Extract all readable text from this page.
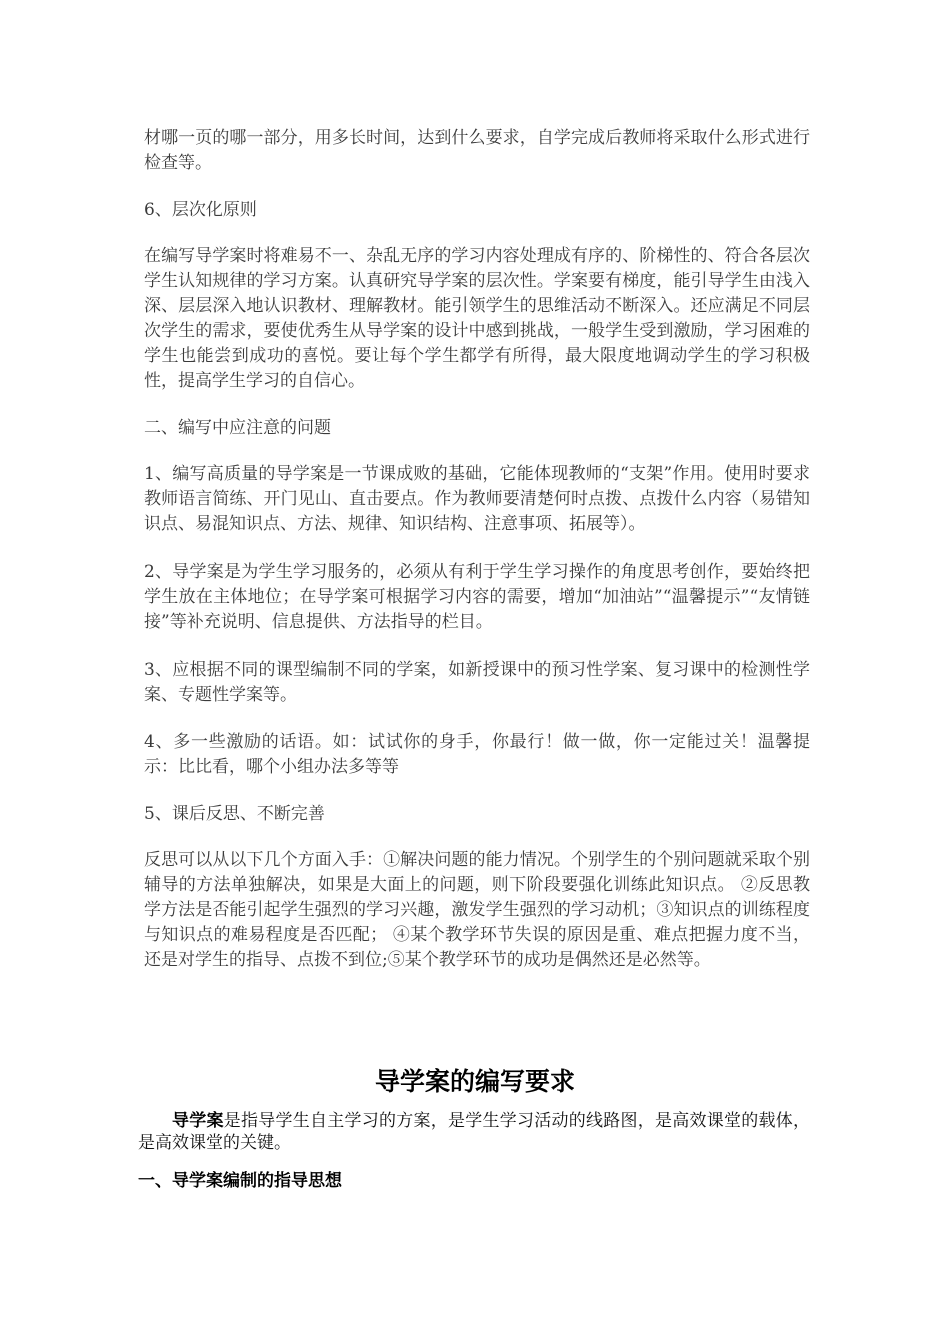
材哪一页的哪一部分，用多长时间，达到什么要求，自学完成后教师将采取什么形式进行检查等。

6、层次化原则

在编写导学案时将难易不一、杂乱无序的学习内容处理成有序的、阶梯性的、符合各层次学生认知规律的学习方案。认真研究导学案的层次性。学案要有梯度，能引导学生由浅入深、层层深入地认识教材、理解教材。能引领学生的思维活动不断深入。还应满足不同层次学生的需求，要使优秀生从导学案的设计中感到挑战，一般学生受到激励，学习困难的学生也能尝到成功的喜悦。要让每个学生都学有所得，最大限度地调动学生的学习积极性，提高学生学习的自信心。

二、编写中应注意的问题

1、编写高质量的导学案是一节课成败的基础，它能体现教师的“支架”作用。使用时要求教师语言简练、开门见山、直击要点。作为教师要清楚何时点拨、点拨什么内容（易错知识点、易混知识点、方法、规律、知识结构、注意事项、拓展等）。

2、导学案是为学生学习服务的，必须从有利于学生学习操作的角度思考创作，要始终把学生放在主体地位；在导学案可根据学习内容的需要，增加“加油站”“温馨提示”“友情链接”等补充说明、信息提供、方法指导的栏目。

3、应根据不同的课型编制不同的学案，如新授课中的预习性学案、复习课中的检测性学案、专题性学案等。

4、多一些激励的话语。如：试试你的身手，你最行！做一做，你一定能过关！温馨提示：比比看，哪个小组办法多等等

5、课后反思、不断完善

反思可以从以下几个方面入手：①解决问题的能力情况。个别学生的个别问题就采取个别辅导的方法单独解决，如果是大面上的问题，则下阶段要强化训练此知识点。 ②反思教学方法是否能引起学生强烈的学习兴趣，激发学生强烈的学习动机；③知识点的训练程度与知识点的难易程度是否匹配； ④某个教学环节失误的原因是重、难点把握力度不当，还是对学生的指导、点拨不到位;⑤某个教学环节的成功是偶然还是必然等。

导学案的编写要求

导学案是指导学生自主学习的方案，是学生学习活动的线路图，是高效课堂的载体，是高效课堂的关键。

一、导学案编制的指导思想
